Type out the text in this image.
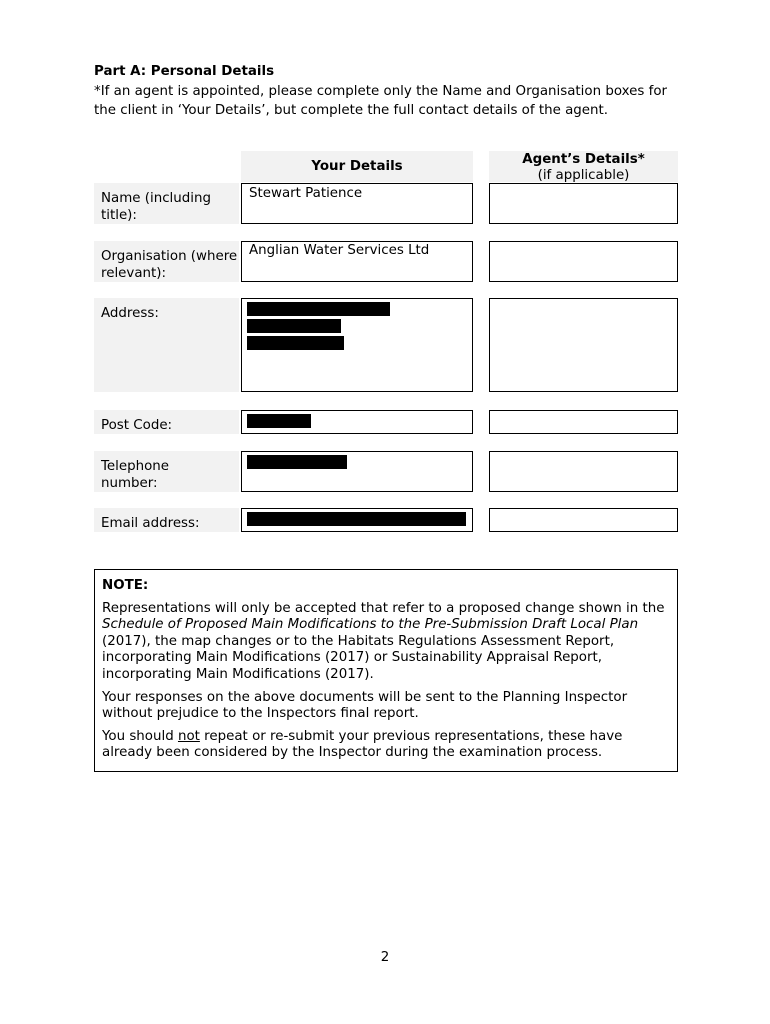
Part A: Personal Details
*If an agent is appointed, please complete only the Name and Organisation boxes for the client in ‘Your Details’, but complete the full contact details of the agent.
Your Details	Agent’s Details*
(if applicable)
Name (including title):
Stewart Patience
Organisation (where relevant):
Anglian Water Services Ltd
Address:
Post Code:
Telephone number:
Email address:

NOTE:

Representations will only be accepted that refer to a proposed change shown in the Schedule of Proposed Main Modifications to the Pre-Submission Draft Local Plan (2017), the map changes or to the Habitats Regulations Assessment Report, incorporating Main Modifications (2017) or Sustainability Appraisal Report, incorporating Main Modifications (2017).

Your responses on the above documents will be sent to the Planning Inspector without prejudice to the Inspectors final report.

You should not repeat or re-submit your previous representations, these have already been considered by the Inspector during the examination process.

2
